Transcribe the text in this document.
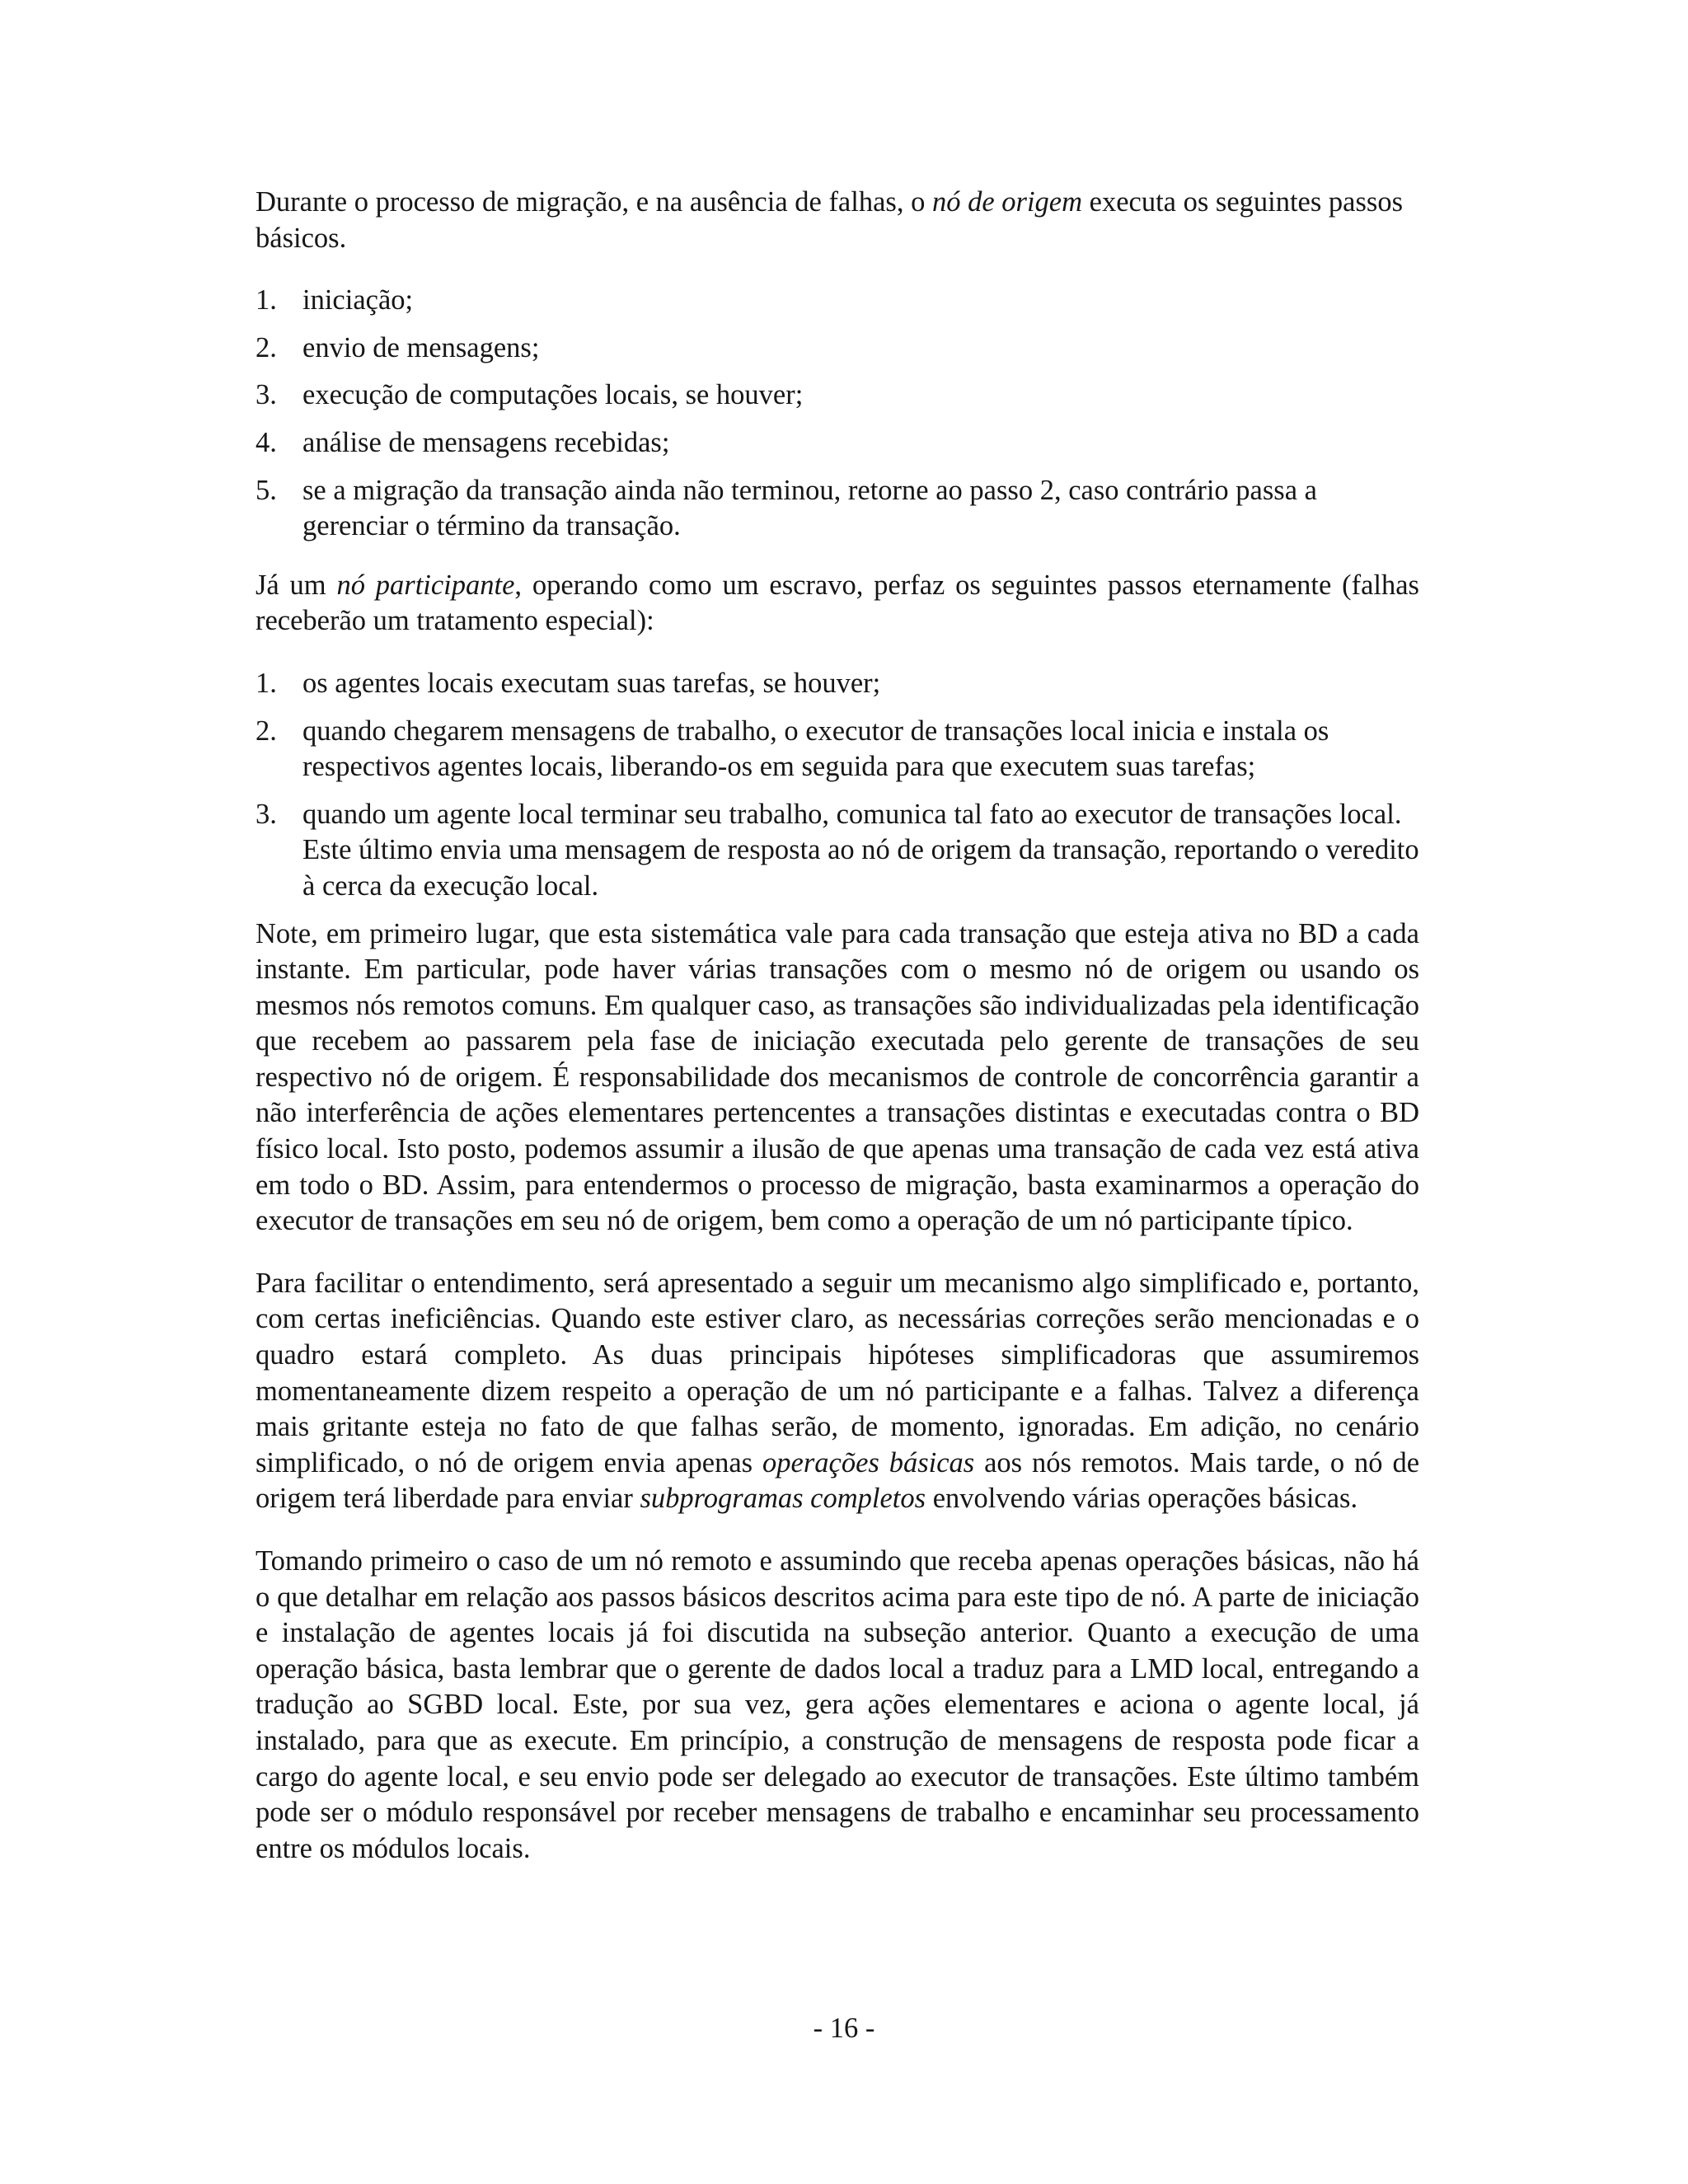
Durante o processo de migração, e na ausência de falhas, o nó de origem executa os seguintes passos básicos.

1. iniciação;
2. envio de mensagens;
3. execução de computações locais, se houver;
4. análise de mensagens recebidas;
5. se a migração da transação ainda não terminou, retorne ao passo 2, caso contrário passa a gerenciar o término da transação.

Já um nó participante, operando como um escravo, perfaz os seguintes passos eternamente (falhas receberão um tratamento especial):

1. os agentes locais executam suas tarefas, se houver;
2. quando chegarem mensagens de trabalho, o executor de transações local inicia e instala os respectivos agentes locais, liberando-os em seguida para que executem suas tarefas;
3. quando um agente local terminar seu trabalho, comunica tal fato ao executor de transações local. Este último envia uma mensagem de resposta ao nó de origem da transação, reportando o veredito à cerca da execução local.

Note, em primeiro lugar, que esta sistemática vale para cada transação que esteja ativa no BD a cada instante. Em particular, pode haver várias transações com o mesmo nó de origem ou usando os mesmos nós remotos comuns. Em qualquer caso, as transações são individualizadas pela identificação que recebem ao passarem pela fase de iniciação executada pelo gerente de transações de seu respectivo nó de origem. É responsabilidade dos mecanismos de controle de concorrência garantir a não interferência de ações elementares pertencentes a transações distintas e executadas contra o BD físico local. Isto posto, podemos assumir a ilusão de que apenas uma transação de cada vez está ativa em todo o BD. Assim, para entendermos o processo de migração, basta examinarmos a operação do executor de transações em seu nó de origem, bem como a operação de um nó participante típico.

Para facilitar o entendimento, será apresentado a seguir um mecanismo algo simplificado e, portanto, com certas ineficiências. Quando este estiver claro, as necessárias correções serão mencionadas e o quadro estará completo. As duas principais hipóteses simplificadoras que assumiremos momentaneamente dizem respeito a operação de um nó participante e a falhas. Talvez a diferença mais gritante esteja no fato de que falhas serão, de momento, ignoradas. Em adição, no cenário simplificado, o nó de origem envia apenas operações básicas aos nós remotos. Mais tarde, o nó de origem terá liberdade para enviar subprogramas completos envolvendo várias operações básicas.

Tomando primeiro o caso de um nó remoto e assumindo que receba apenas operações básicas, não há o que detalhar em relação aos passos básicos descritos acima para este tipo de nó. A parte de iniciação e instalação de agentes locais já foi discutida na subseção anterior. Quanto a execução de uma operação básica, basta lembrar que o gerente de dados local a traduz para a LMD local, entregando a tradução ao SGBD local. Este, por sua vez, gera ações elementares e aciona o agente local, já instalado, para que as execute. Em princípio, a construção de mensagens de resposta pode ficar a cargo do agente local, e seu envio pode ser delegado ao executor de transações. Este último também pode ser o módulo responsável por receber mensagens de trabalho e encaminhar seu processamento entre os módulos locais.

- 16 -
